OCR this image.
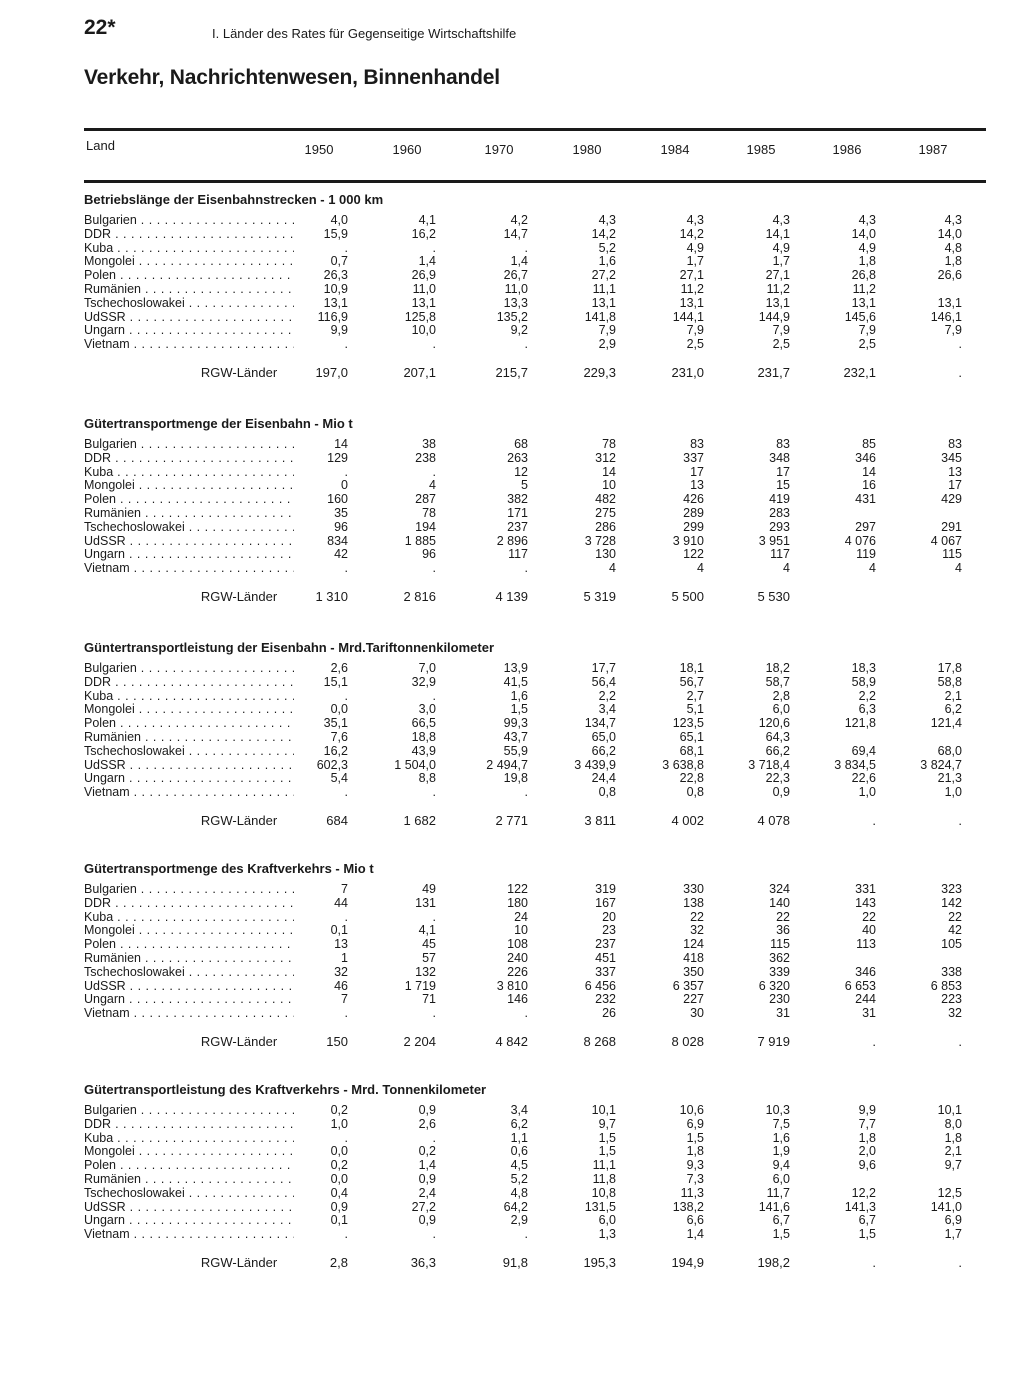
22*	I. Länder des Rates für Gegenseitige Wirtschaftshilfe
Verkehr, Nachrichtenwesen, Binnenhandel
Land	1950	1960	1970	1980	1984	1985	1986	1987
Betriebslänge der Eisenbahnstrecken - 1 000 km
Bulgarien . . .	4,0	4,1	4,2	4,3	4,3	4,3	4,3	4,3
DDR . . .	15,9	16,2	14,7	14,2	14,2	14,1	14,0	14,0
Kuba . . .	.	.	.	5,2	4,9	4,9	4,9	4,8
Mongolei . . .	0,7	1,4	1,4	1,6	1,7	1,7	1,8	1,8
Polen . . .	26,3	26,9	26,7	27,2	27,1	27,1	26,8	26,6
Rumänien . . .	10,9	11,0	11,0	11,1	11,2	11,2	11,2
Tschechoslowakei . . .	13,1	13,1	13,3	13,1	13,1	13,1	13,1	13,1
UdSSR . . .	116,9	125,8	135,2	141,8	144,1	144,9	145,6	146,1
Ungarn . . .	9,9	10,0	9,2	7,9	7,9	7,9	7,9	7,9
Vietnam . . .	.	.	.	2,9	2,5	2,5	2,5	.
RGW-Länder	197,0	207,1	215,7	229,3	231,0	231,7	232,1	.
Gütertransportmenge der Eisenbahn - Mio t
Bulgarien . . .	14	38	68	78	83	83	85	83
DDR . . .	129	238	263	312	337	348	346	345
Kuba . . .	.	.	12	14	17	17	14	13
Mongolei . . .	0	4	5	10	13	15	16	17
Polen . . .	160	287	382	482	426	419	431	429
Rumänien . . .	35	78	171	275	289	283
Tschechoslowakei . . .	96	194	237	286	299	293	297	291
UdSSR . . .	834	1 885	2 896	3 728	3 910	3 951	4 076	4 067
Ungarn . . .	42	96	117	130	122	117	119	115
Vietnam . . .	.	.	.	4	4	4	4	4
RGW-Länder	1 310	2 816	4 139	5 319	5 500	5 530
Güntertransportleistung der Eisenbahn - Mrd.Tariftonnenkilometer
Bulgarien . . .	2,6	7,0	13,9	17,7	18,1	18,2	18,3	17,8
DDR . . .	15,1	32,9	41,5	56,4	56,7	58,7	58,9	58,8
Kuba . . .	.	.	1,6	2,2	2,7	2,8	2,2	2,1
Mongolei . . .	0,0	3,0	1,5	3,4	5,1	6,0	6,3	6,2
Polen . . .	35,1	66,5	99,3	134,7	123,5	120,6	121,8	121,4
Rumänien . . .	7,6	18,8	43,7	65,0	65,1	64,3
Tschechoslowakei . . .	16,2	43,9	55,9	66,2	68,1	66,2	69,4	68,0
UdSSR . . .	602,3	1 504,0	2 494,7	3 439,9	3 638,8	3 718,4	3 834,5	3 824,7
Ungarn . . .	5,4	8,8	19,8	24,4	22,8	22,3	22,6	21,3
Vietnam . . .	.	.	.	0,8	0,8	0,9	1,0	1,0
RGW-Länder	684	1 682	2 771	3 811	4 002	4 078	.	.
Gütertransportmenge des Kraftverkehrs - Mio t
Bulgarien . . .	7	49	122	319	330	324	331	323
DDR . . .	44	131	180	167	138	140	143	142
Kuba . . .	.	.	24	20	22	22	22	22
Mongolei . . .	0,1	4,1	10	23	32	36	40	42
Polen . . .	13	45	108	237	124	115	113	105
Rumänien . . .	1	57	240	451	418	362
Tschechoslowakei . . .	32	132	226	337	350	339	346	338
UdSSR . . .	46	1 719	3 810	6 456	6 357	6 320	6 653	6 853
Ungarn . . .	7	71	146	232	227	230	244	223
Vietnam . . .	.	.	.	26	30	31	31	32
RGW-Länder	150	2 204	4 842	8 268	8 028	7 919	.	.
Gütertransportleistung des Kraftverkehrs - Mrd. Tonnenkilometer
Bulgarien . . .	0,2	0,9	3,4	10,1	10,6	10,3	9,9	10,1
DDR . . .	1,0	2,6	6,2	9,7	6,9	7,5	7,7	8,0
Kuba . . .	.	.	1,1	1,5	1,5	1,6	1,8	1,8
Mongolei . . .	0,0	0,2	0,6	1,5	1,8	1,9	2,0	2,1
Polen . . .	0,2	1,4	4,5	11,1	9,3	9,4	9,6	9,7
Rumänien . . .	0,0	0,9	5,2	11,8	7,3	6,0
Tschechoslowakei . . .	0,4	2,4	4,8	10,8	11,3	11,7	12,2	12,5
UdSSR . . .	0,9	27,2	64,2	131,5	138,2	141,6	141,3	141,0
Ungarn . . .	0,1	0,9	2,9	6,0	6,6	6,7	6,7	6,9
Vietnam . . .	.	.	.	1,3	1,4	1,5	1,5	1,7
RGW-Länder	2,8	36,3	91,8	195,3	194,9	198,2	.	.
